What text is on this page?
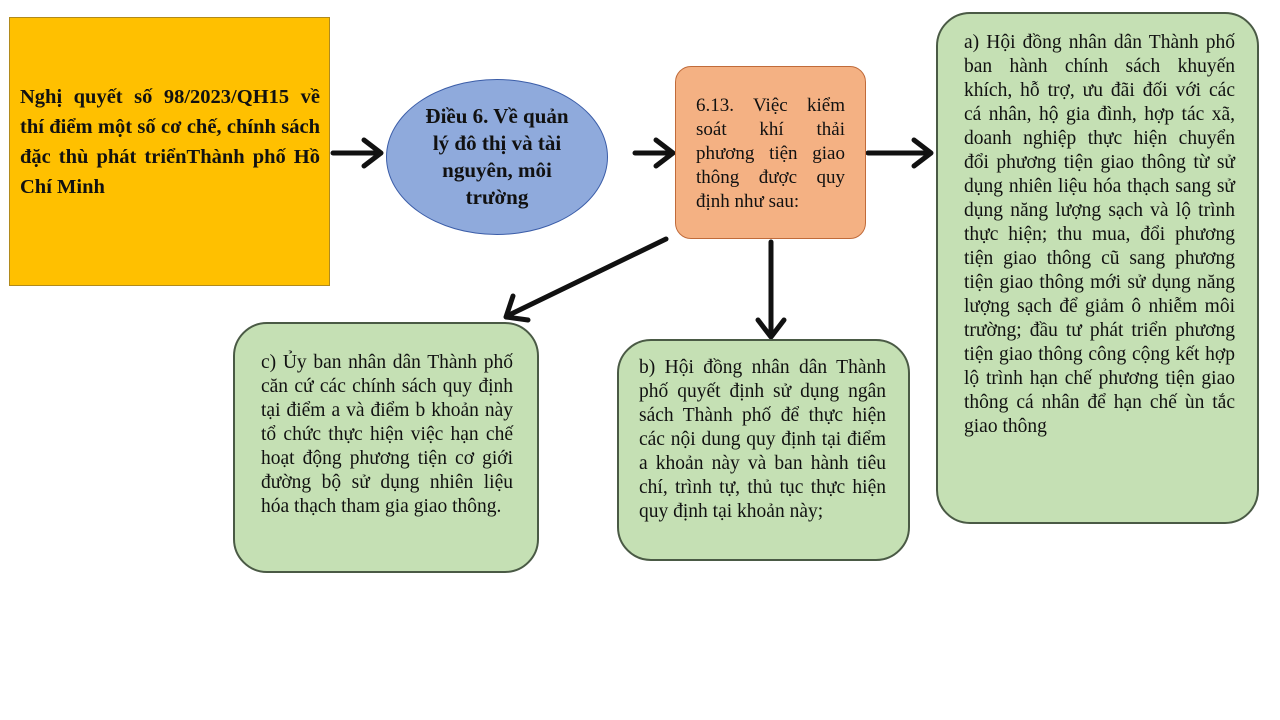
Nghị quyết số 98/2023/QH15 về thí điểm một số cơ chế, chính sách đặc thù phát triểnThành phố Hồ Chí Minh
Điều 6. Về quản lý đô thị và tài nguyên, môi trường
6.13. Việc kiểm soát khí thải phương tiện giao thông được quy định như sau:
a) Hội đồng nhân dân Thành phố ban hành chính sách khuyến khích, hỗ trợ, ưu đãi đối với các cá nhân, hộ gia đình, hợp tác xã, doanh nghiệp thực hiện chuyển đổi phương tiện giao thông từ sử dụng nhiên liệu hóa thạch sang sử dụng năng lượng sạch và lộ trình thực hiện; thu mua, đổi phương tiện giao thông cũ sang phương tiện giao thông mới sử dụng năng lượng sạch để giảm ô nhiễm môi trường; đầu tư phát triển phương tiện giao thông công cộng kết hợp lộ trình hạn chế phương tiện giao thông cá nhân để hạn chế ùn tắc giao thông
b) Hội đồng nhân dân Thành phố quyết định sử dụng ngân sách Thành phố để thực hiện các nội dung quy định tại điểm a khoản này và ban hành tiêu chí, trình tự, thủ tục thực hiện quy định tại khoản này;
c) Ủy ban nhân dân Thành phố căn cứ các chính sách quy định tại điểm a và điểm b khoản này tổ chức thực hiện việc hạn chế hoạt động phương tiện cơ giới đường bộ sử dụng nhiên liệu hóa thạch tham gia giao thông.
